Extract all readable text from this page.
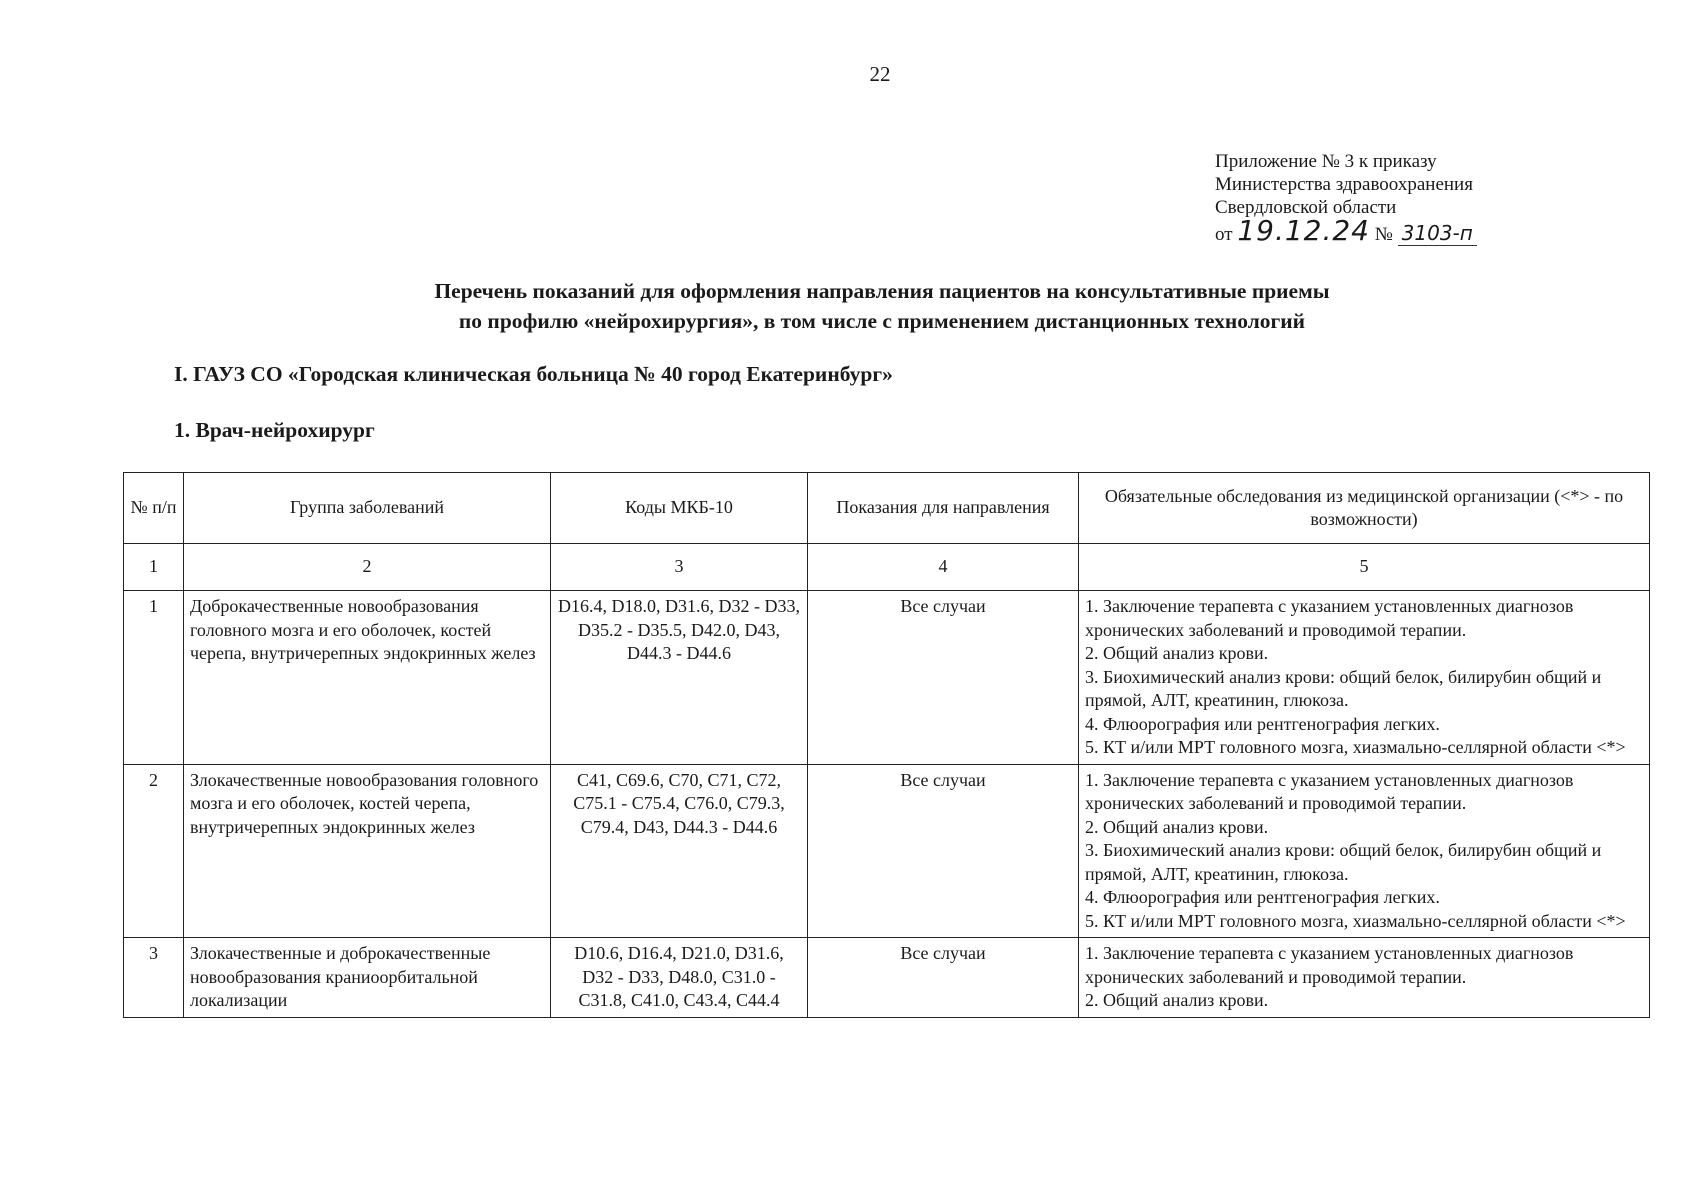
22
Приложение № 3 к приказу
Министерства здравоохранения
Свердловской области
от 19.12.24 № 3103-п
Перечень показаний для оформления направления пациентов на консультативные приемы
по профилю «нейрохирургия», в том числе с применением дистанционных технологий
I. ГАУЗ СО «Городская клиническая больница № 40 город Екатеринбург»
1. Врач-нейрохирург
№ п/п	Группа заболеваний	Коды МКБ-10	Показания для направления	Обязательные обследования из медицинской организации (<*> - по возможности)
1	2	3	4	5
1	Доброкачественные новообразования головного мозга и его оболочек, костей черепа, внутричерепных эндокринных желез	D16.4, D18.0, D31.6, D32 - D33, D35.2 - D35.5, D42.0, D43, D44.3 - D44.6	Все случаи	1. Заключение терапевта с указанием установленных диагнозов хронических заболеваний и проводимой терапии.
2. Общий анализ крови.
3. Биохимический анализ крови: общий белок, билирубин общий и прямой, АЛТ, креатинин, глюкоза.
4. Флюорография или рентгенография легких.
5. КТ и/или МРТ головного мозга, хиазмально-селлярной области <*>

2	Злокачественные новообразования головного мозга и его оболочек, костей черепа, внутричерепных эндокринных желез	C41, C69.6, C70, C71, C72, C75.1 - C75.4, C76.0, C79.3, C79.4, D43, D44.3 - D44.6	Все случаи	1. Заключение терапевта с указанием установленных диагнозов хронических заболеваний и проводимой терапии.
2. Общий анализ крови.
3. Биохимический анализ крови: общий белок, билирубин общий и прямой, АЛТ, креатинин, глюкоза.
4. Флюорография или рентгенография легких.
5. КТ и/или МРТ головного мозга, хиазмально-селлярной области <*>

3	Злокачественные и доброкачественные новообразования краниоорбитальной локализации	D10.6, D16.4, D21.0, D31.6, D32 - D33, D48.0, C31.0 - C31.8, C41.0, C43.4, C44.4	Все случаи	1. Заключение терапевта с указанием установленных диагнозов хронических заболеваний и проводимой терапии.
2. Общий анализ крови.
